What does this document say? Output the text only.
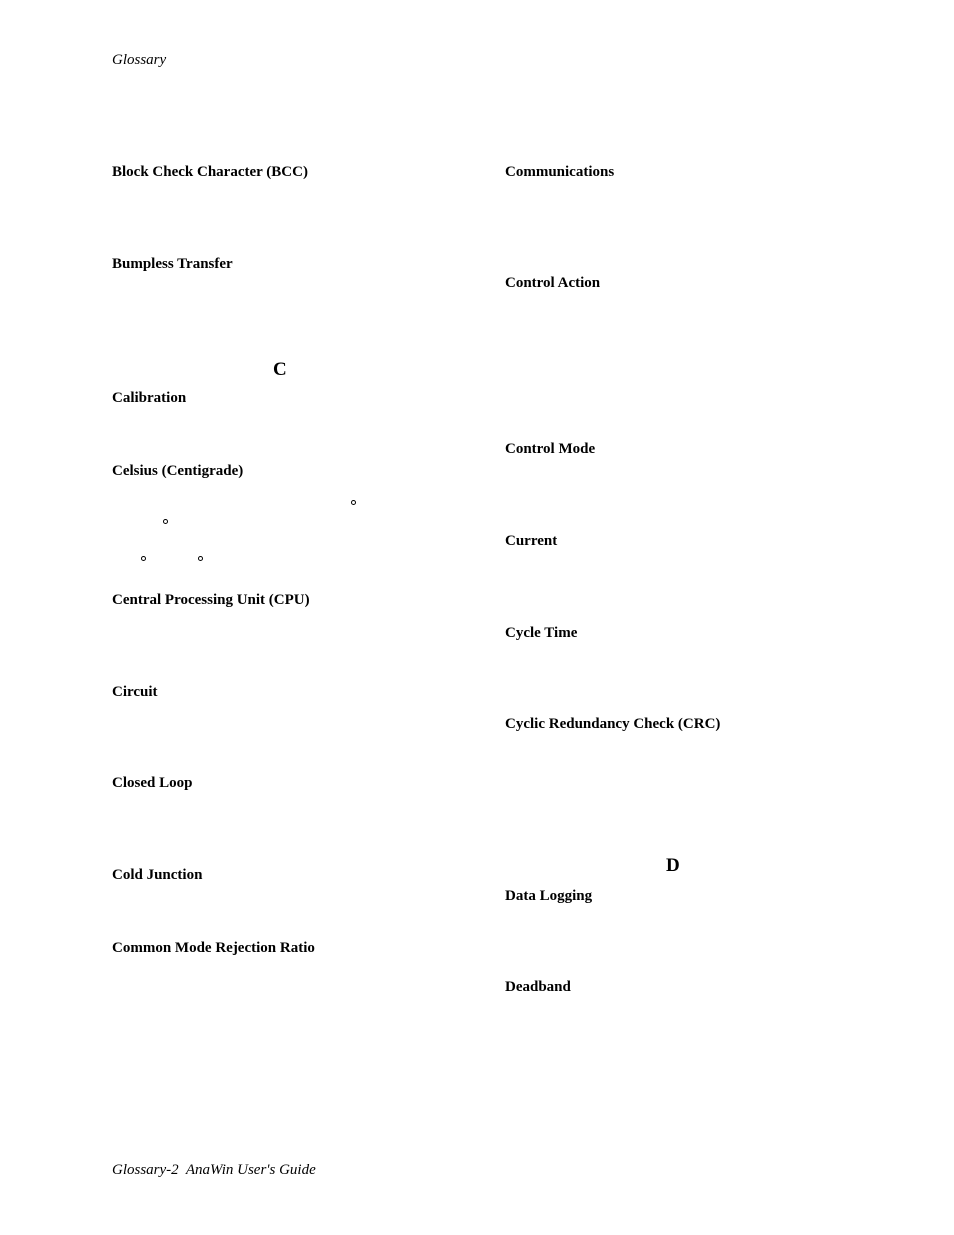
Glossary
Block Check Character (BCC)
Bumpless Transfer
C
Calibration
Celsius (Centigrade)
Central Processing Unit (CPU)
Circuit
Closed Loop
Cold Junction
Common Mode Rejection Ratio
Communications
Control Action
Control Mode
Current
Cycle Time
Cyclic Redundancy Check (CRC)
D
Data Logging
Deadband
Glossary-2  AnaWin User's Guide
